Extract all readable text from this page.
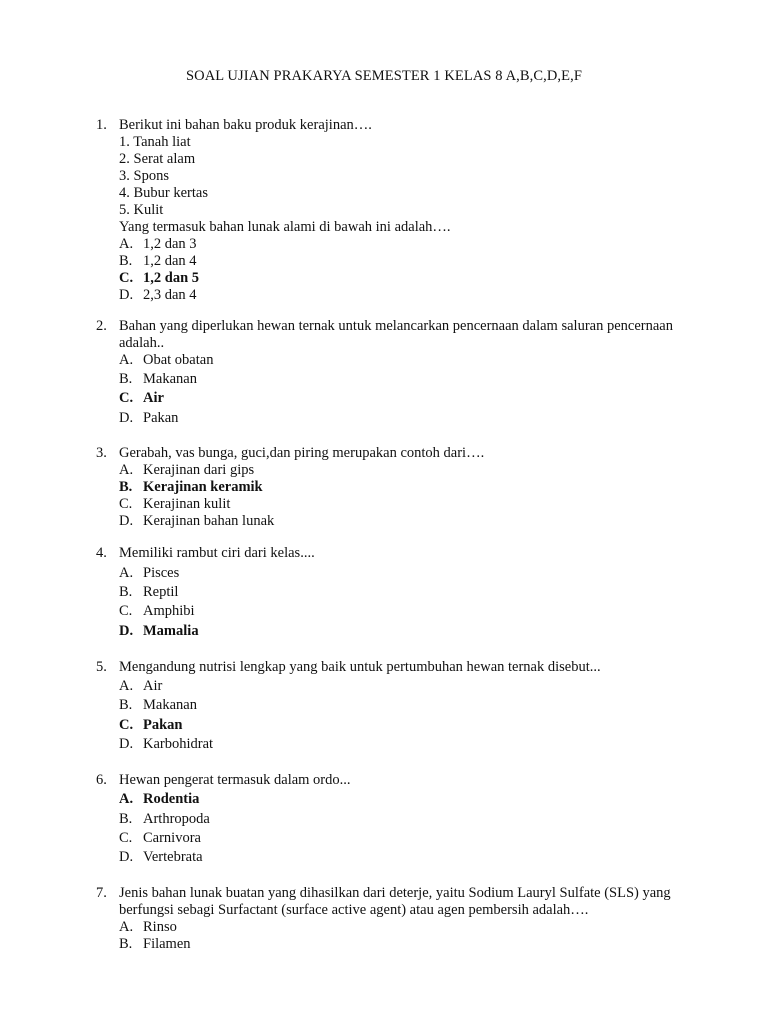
SOAL UJIAN PRAKARYA SEMESTER 1 KELAS 8 A,B,C,D,E,F
1. Berikut ini bahan baku produk kerajinan….
1. Tanah liat
2. Serat alam
3. Spons
4. Bubur kertas
5. Kulit
Yang termasuk bahan lunak alami di bawah ini adalah….
A. 1,2 dan 3
B. 1,2 dan 4
C. 1,2 dan 5
D. 2,3 dan 4
2. Bahan yang diperlukan hewan ternak untuk melancarkan pencernaan dalam saluran pencernaan adalah..
A. Obat obatan
B. Makanan
C. Air
D. Pakan
3. Gerabah, vas bunga, guci,dan piring merupakan contoh dari….
A. Kerajinan dari gips
B. Kerajinan keramik
C. Kerajinan kulit
D. Kerajinan bahan lunak
4. Memiliki rambut ciri dari kelas....
A. Pisces
B. Reptil
C. Amphibi
D. Mamalia
5. Mengandung nutrisi lengkap yang baik untuk pertumbuhan hewan ternak disebut...
A. Air
B. Makanan
C. Pakan
D. Karbohidrat
6. Hewan pengerat termasuk dalam ordo...
A. Rodentia
B. Arthropoda
C. Carnivora
D. Vertebrata
7. Jenis bahan lunak buatan yang dihasilkan dari deterje, yaitu Sodium Lauryl Sulfate (SLS) yang berfungsi sebagi Surfactant (surface active agent) atau agen pembersih adalah….
A. Rinso
B. Filamen
